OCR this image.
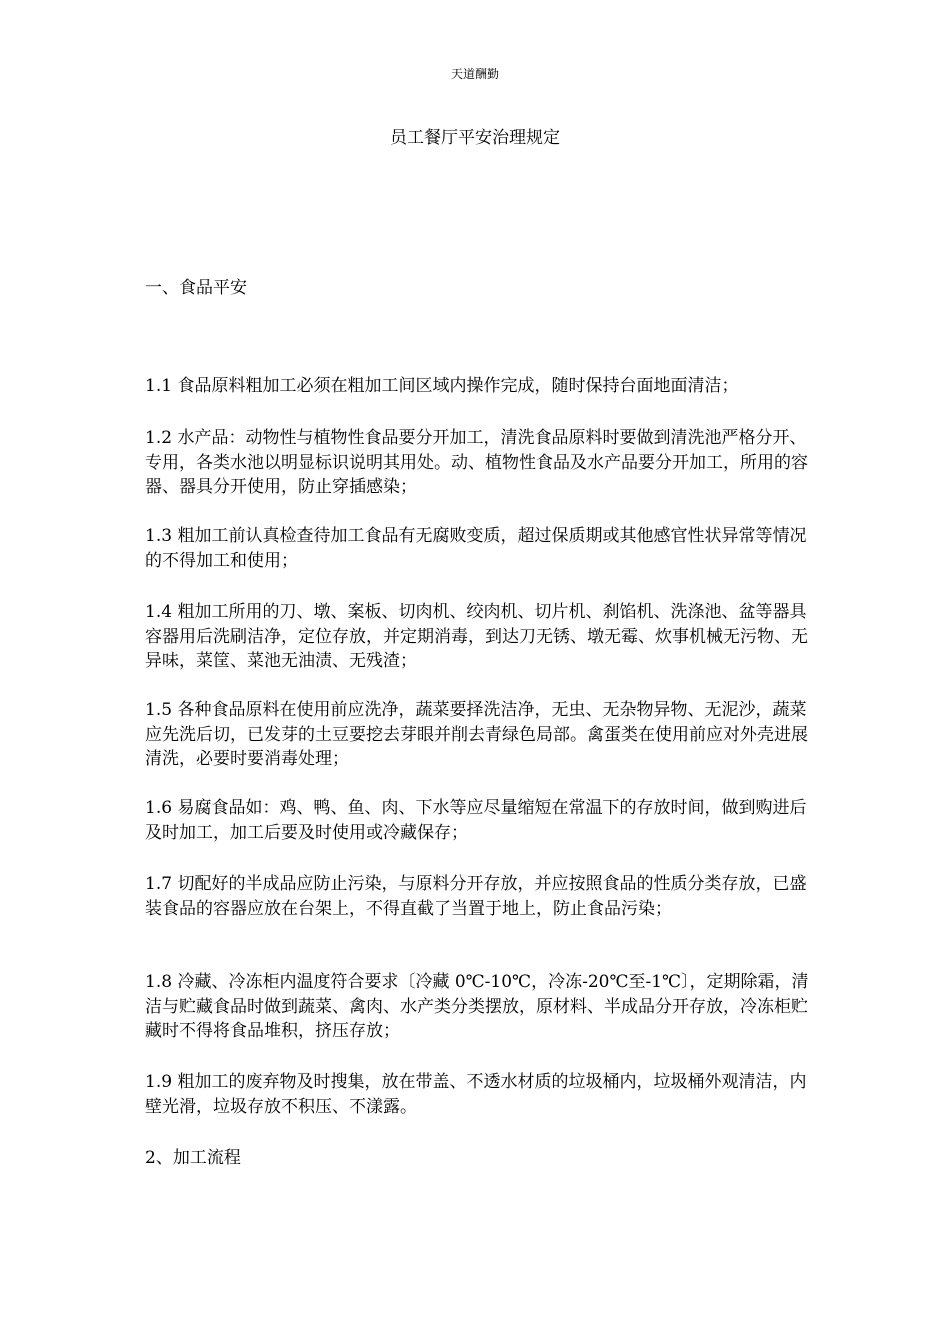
天道酬勤
员工餐厅平安治理规定
一、食品平安

1.1 食品原料粗加工必须在粗加工间区域内操作完成，随时保持台面地面清洁；

1.2 水产品：动物性与植物性食品要分开加工，清洗食品原料时要做到清洗池严格分开、专用，各类水池以明显标识说明其用处。动、植物性食品及水产品要分开加工，所用的容器、器具分开使用，防止穿插感染；

1.3 粗加工前认真检查待加工食品有无腐败变质，超过保质期或其他感官性状异常等情况的不得加工和使用；

1.4 粗加工所用的刀、墩、案板、切肉机、绞肉机、切片机、刹馅机、洗涤池、盆等器具容器用后洗刷洁净，定位存放，并定期消毒，到达刀无锈、墩无霉、炊事机械无污物、无异味，菜筐、菜池无油渍、无残渣；

1.5 各种食品原料在使用前应洗净，蔬菜要择洗洁净，无虫、无杂物异物、无泥沙，蔬菜应先洗后切，已发芽的土豆要挖去芽眼并削去青绿色局部。禽蛋类在使用前应对外壳进展清洗，必要时要消毒处理；

1.6 易腐食品如：鸡、鸭、鱼、肉、下水等应尽量缩短在常温下的存放时间，做到购进后及时加工，加工后要及时使用或冷藏保存；

1.7 切配好的半成品应防止污染，与原料分开存放，并应按照食品的性质分类存放，已盛装食品的容器应放在台架上，不得直截了当置于地上，防止食品污染；

1.8 冷藏、冷冻柜内温度符合要求〔冷藏 0℃-10℃，冷冻-20℃至-1℃〕，定期除霜，清洁与贮藏食品时做到蔬菜、禽肉、水产类分类摆放，原材料、半成品分开存放，冷冻柜贮藏时不得将食品堆积，挤压存放；

1.9 粗加工的废弃物及时搜集，放在带盖、不透水材质的垃圾桶内，垃圾桶外观清洁，内壁光滑，垃圾存放不积压、不漾露。

2、加工流程
